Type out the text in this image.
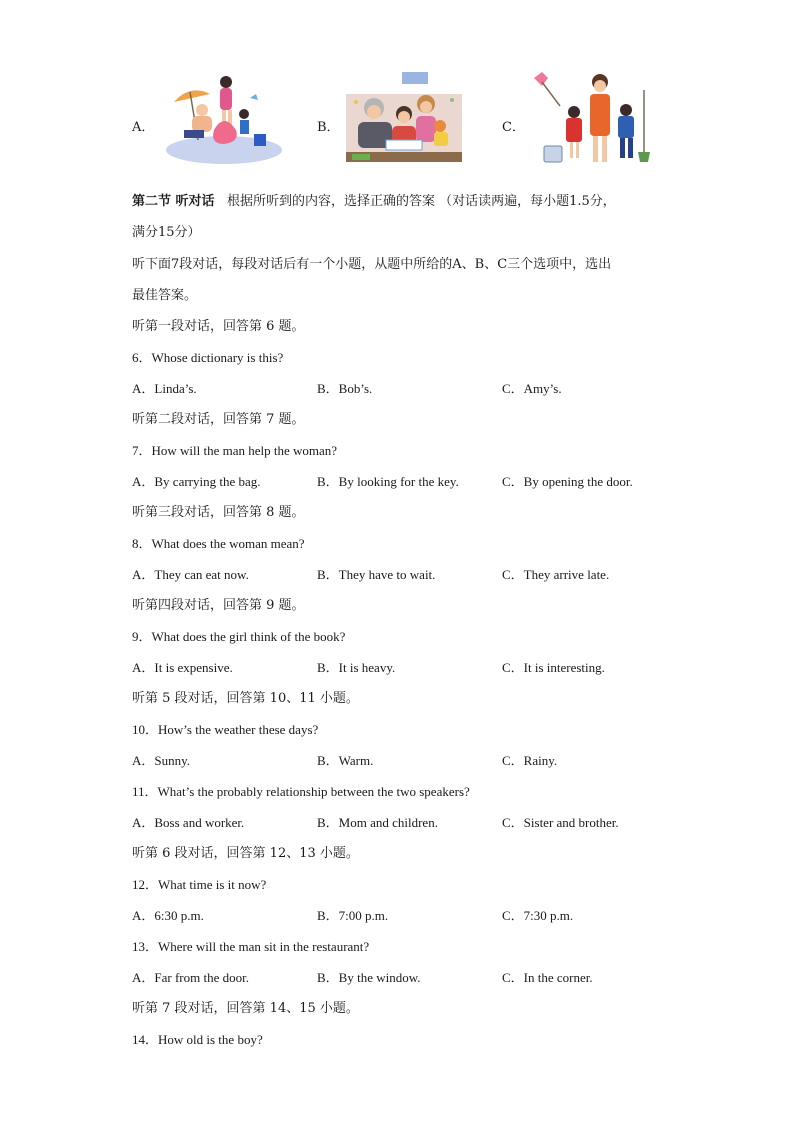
A．	B．	C．
第二节 听对话 根据所听到的内容，选择正确的答案 （对话读两遍，每小题1.5分，
满分15分）
听下面7段对话，每段对话后有一个小题，从题中所给的A、B、C三个选项中，选出
最佳答案。
听第一段对话，回答第 6 题。
6．Whose dictionary is this?
A．Linda’s.	B．Bob’s.	C．Amy’s.
听第二段对话，回答第 7 题。
7．How will the man help the woman?
A．By carrying the bag.	B．By looking for the key.	C．By opening the door.
听第三段对话，回答第 8 题。
8．What does the woman mean?
A．They can eat now.	B．They have to wait.	C．They arrive late.
听第四段对话，回答第 9 题。
9．What does the girl think of the book?
A．It is expensive.	B．It is heavy.	C．It is interesting.
听第 5 段对话，回答第 10、11 小题。
10．How’s the weather these days?
A．Sunny.	B．Warm.	C．Rainy.
11．What’s the probably relationship between the two speakers?
A．Boss and worker.	B．Mom and children.	C．Sister and brother.
听第 6 段对话，回答第 12、13 小题。
12．What time is it now?
A．6:30 p.m.	B．7:00 p.m.	C．7:30 p.m.
13．Where will the man sit in the restaurant?
A．Far from the door.	B．By the window.	C．In the corner.
听第 7 段对话，回答第 14、15 小题。
14．How old is the boy?
